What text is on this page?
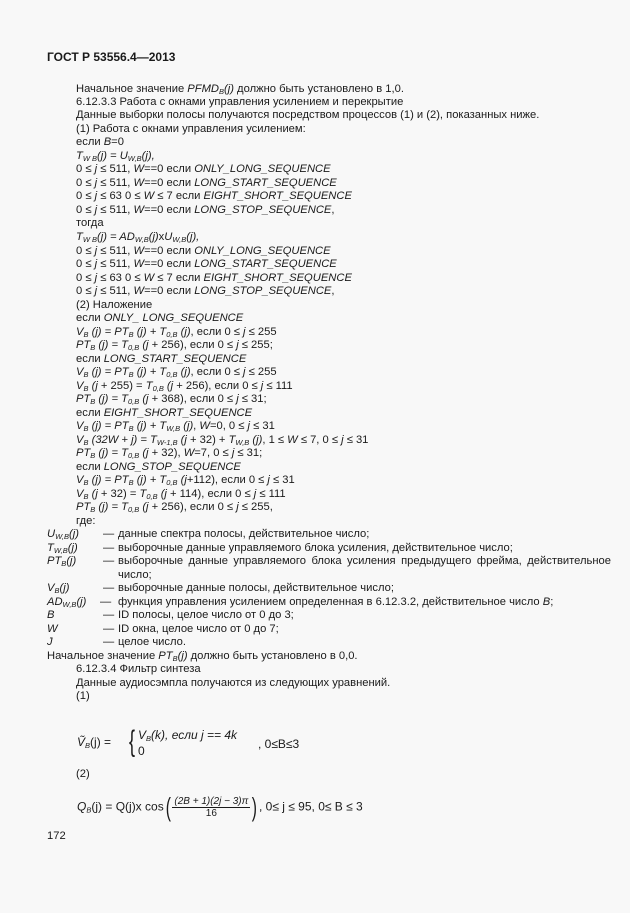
ГОСТ Р 53556.4—2013
Начальное значение $PFMD_B(j)$ должно быть установлено в 1,0.
6.12.3.3 Работа с окнами управления усилением и перекрытие
Данные выборки полосы получаются посредством процессов (1) и (2), показанных ниже.
(1) Работа с окнами управления усилением:
если B=0
$T_{W B}(j) = U_{W,B}(j)$,
0 ≤ j ≤ 511, W==0 если ONLY_LONG_SEQUENCE
0 ≤ j ≤ 511, W==0 если LONG_START_SEQUENCE
0 ≤ j ≤ 63 0 ≤ W ≤ 7 если EIGHT_SHORT_SEQUENCE
0 ≤ j ≤ 511, W==0 если LONG_STOP_SEQUENCE,
тогда
$T_{W B}(j) = AD_{W,B}(j)xU_{W,B}(j)$,
0 ≤ j ≤ 511, W==0 если ONLY_LONG_SEQUENCE
0 ≤ j ≤ 511, W==0 если LONG_START_SEQUENCE
0 ≤ j ≤ 63 0 ≤ W ≤ 7 если EIGHT_SHORT_SEQUENCE
0 ≤ j ≤ 511, W==0 если LONG_STOP_SEQUENCE,
(2) Наложение
если ONLY_ LONG_SEQUENCE
$V_B$ $(j) = PT_B$ $(j) + T_{0,B}$ (j), если 0 ≤ j ≤ 255
$PT_B$ $(j) = T_{0,B}$ (j + 256), если 0 ≤ j ≤ 255;
если LONG_START_SEQUENCE
$V_B$ $(j) = PT_B$ $(j) + T_{0,B}$ (j), если 0 ≤ j ≤ 255
$V_B$ $(j + 255) = T_{0,B}$ (j + 256), если 0 ≤ j ≤ 111
$PT_B$ $(j) = T_{0,B}$ (j + 368), если 0 ≤ j ≤ 31;
если EIGHT_SHORT_SEQUENCE
$V_B$ $(j) = PT_B$ $(j) + T_{W,B}$ (j), W=0, 0 ≤ j ≤ 31
$V_B$ $(32W + j) = T_{W-1,B}$ $(j + 32) + T_{W,B}$ (j), 1 ≤ W ≤ 7, 0 ≤ j ≤ 31
$PT_B$ $(j) = T_{0,B}$ (j + 32), W=7, 0 ≤ j ≤ 31;
если LONG_STOP_SEQUENCE
$V_B$ $(j) = PT_B$ $(j) + T_{0,B}$ (j+112), если 0 ≤ j ≤ 31
$V_B$ $(j + 32) = T_{0,B}$ (j + 114), если 0 ≤ j ≤ 111
$PT_B$ $(j) = T_{0,B}$ (j + 256), если 0 ≤ j ≤ 255,
где:
$U_{W,B}(j)$ — данные спектра полосы, действительное число;
$T_{W,B}(j)$ — выборочные данные управляемого блока усиления, действительное число;
$PT_B(j)$ — выборочные данные управляемого блока усиления предыдущего фрейма, действительное
число;
$V_B(j)$	— выборочные данные полосы, действительное число;
$AD_{W,B}(j)$ — функция управления усилением определенная в 6.12.3.2, действительное число B;
B	— ID полосы, целое число от 0 до 3;
W	— ID окна, целое число от 0 до 7;
J	— целое число.
Начальное значение $PT_B(j)$ должно быть установлено в 0,0.
6.12.3.4 Фильтр синтеза
Данные аудиосэмпла получаются из следующих уравнений.
(1)
(2)
Ṽ$_B$(j) = { $V_B(k)$, если j == 4k
0	, 0≤B≤3
$Q_B(j) = Q(j)x$ $\cos( \frac{(2B + 1)(2j - 3)\pi}{16}$ ) , 0≤ j ≤ 95, 0≤ B ≤ 3
172
